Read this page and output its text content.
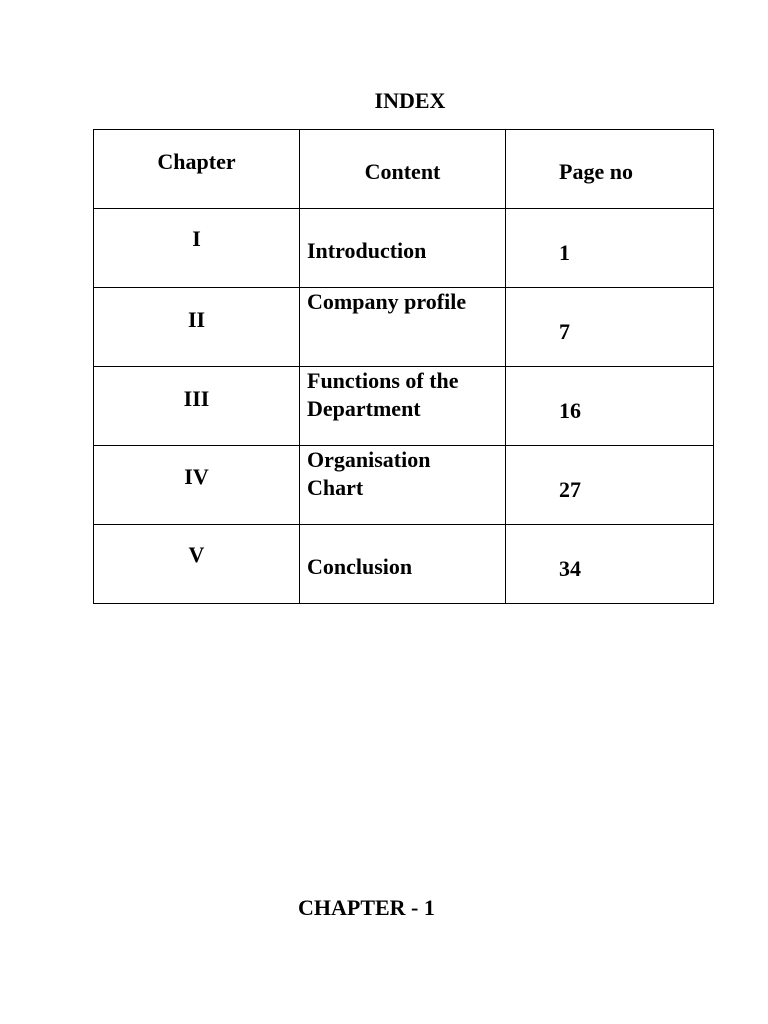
INDEX
Chapter	Content	Page no

I	Introduction	1

II	Company profile	7

III	Functions of the
Department	16

IV	Organisation
Chart	27

V	Conclusion	34
CHAPTER - 1
